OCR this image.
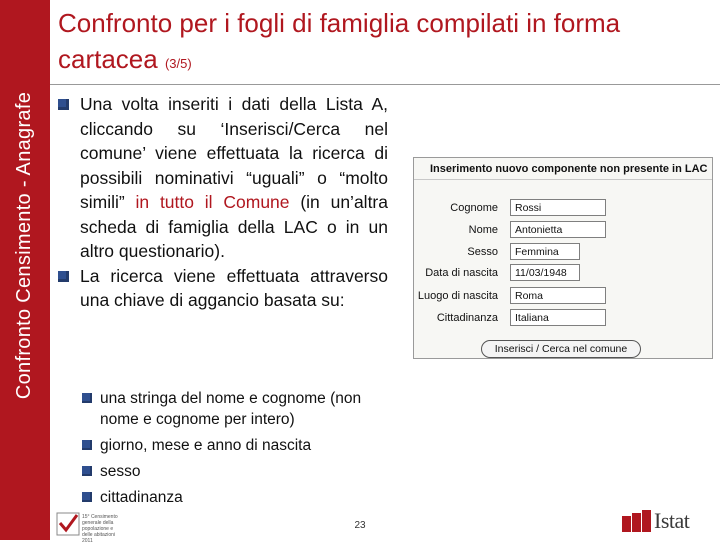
Confronto Censimento - Anagrafe
Confronto per i fogli di famiglia compilati in forma cartacea (3/5)
Una volta inseriti i dati della Lista A, cliccando su ‘Inserisci/Cerca nel comune’ viene effettuata la ricerca di possibili nominativi “uguali” o “molto simili” in tutto il Comune (in un’altra scheda di famiglia della LAC o in un altro questionario).
La ricerca viene effettuata attraverso una chiave di aggancio basata su:
una stringa del nome e cognome (non nome e cognome per intero)
giorno, mese e anno di nascita
sesso
cittadinanza
Inserimento nuovo componente non presente in LAC
Cognome	Rossi
Nome	Antonietta
Sesso	Femmina
Data di nascita	11/03/1948
Luogo di nascita	Roma
Cittadinanza	Italiana
Inserisci / Cerca nel comune
15° Censimento generale della popolazione e delle abitazioni 2011
23	Istat
